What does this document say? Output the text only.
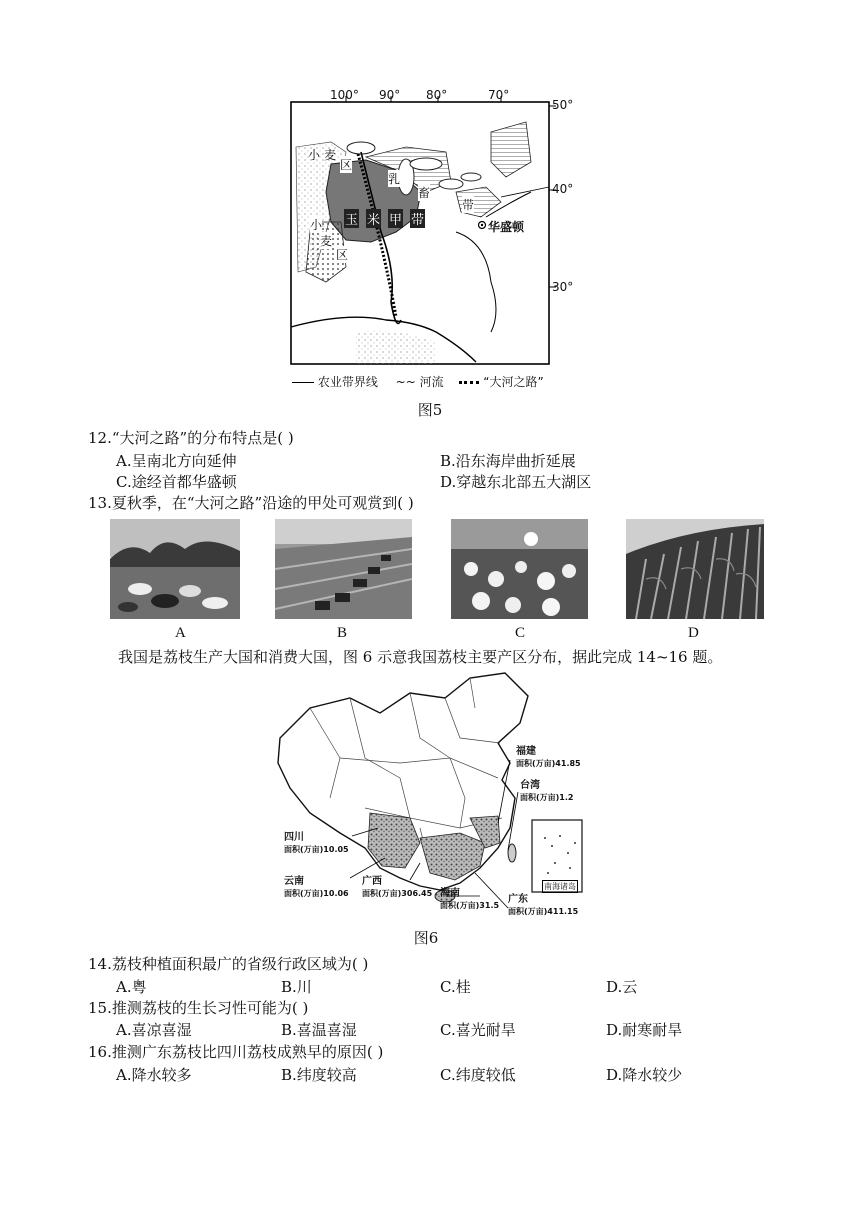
100° 90° 80°	70°
50°
40°
30°
玉 米 甲 带
小 麦
区
乳
畜
小
麦
区
带
华盛顿
农业带界线 ~~ 河流	“大河之路”
图5
12.“大河之路”的分布特点是( )
A.呈南北方向延伸	B.沿东海岸曲折延展
C.途经首都华盛顿	D.穿越东北部五大湖区
13.夏秋季，在“大河之路”沿途的甲处可观赏到( )
A	B	C	D
我国是荔枝生产大国和消费大国，图 6 示意我国荔枝主要产区分布，据此完成 14~16 题。
福建
面积(万亩)41.85
台湾
面积(万亩)1.2
四川
面积(万亩)10.05
云南
面积(万亩)10.06
广西
面积(万亩)306.45 海南
面积(万亩)31.5
广东
面积(万亩)411.15
南海诸岛
图6
14.荔枝种植面积最广的省级行政区域为( )
A.粤	B.川	C.桂	D.云
15.推测荔枝的生长习性可能为( )
A.喜凉喜湿	B.喜温喜湿	C.喜光耐旱	D.耐寒耐旱
16.推测广东荔枝比四川荔枝成熟早的原因( )
A.降水较多	B.纬度较高	C.纬度较低	D.降水较少
